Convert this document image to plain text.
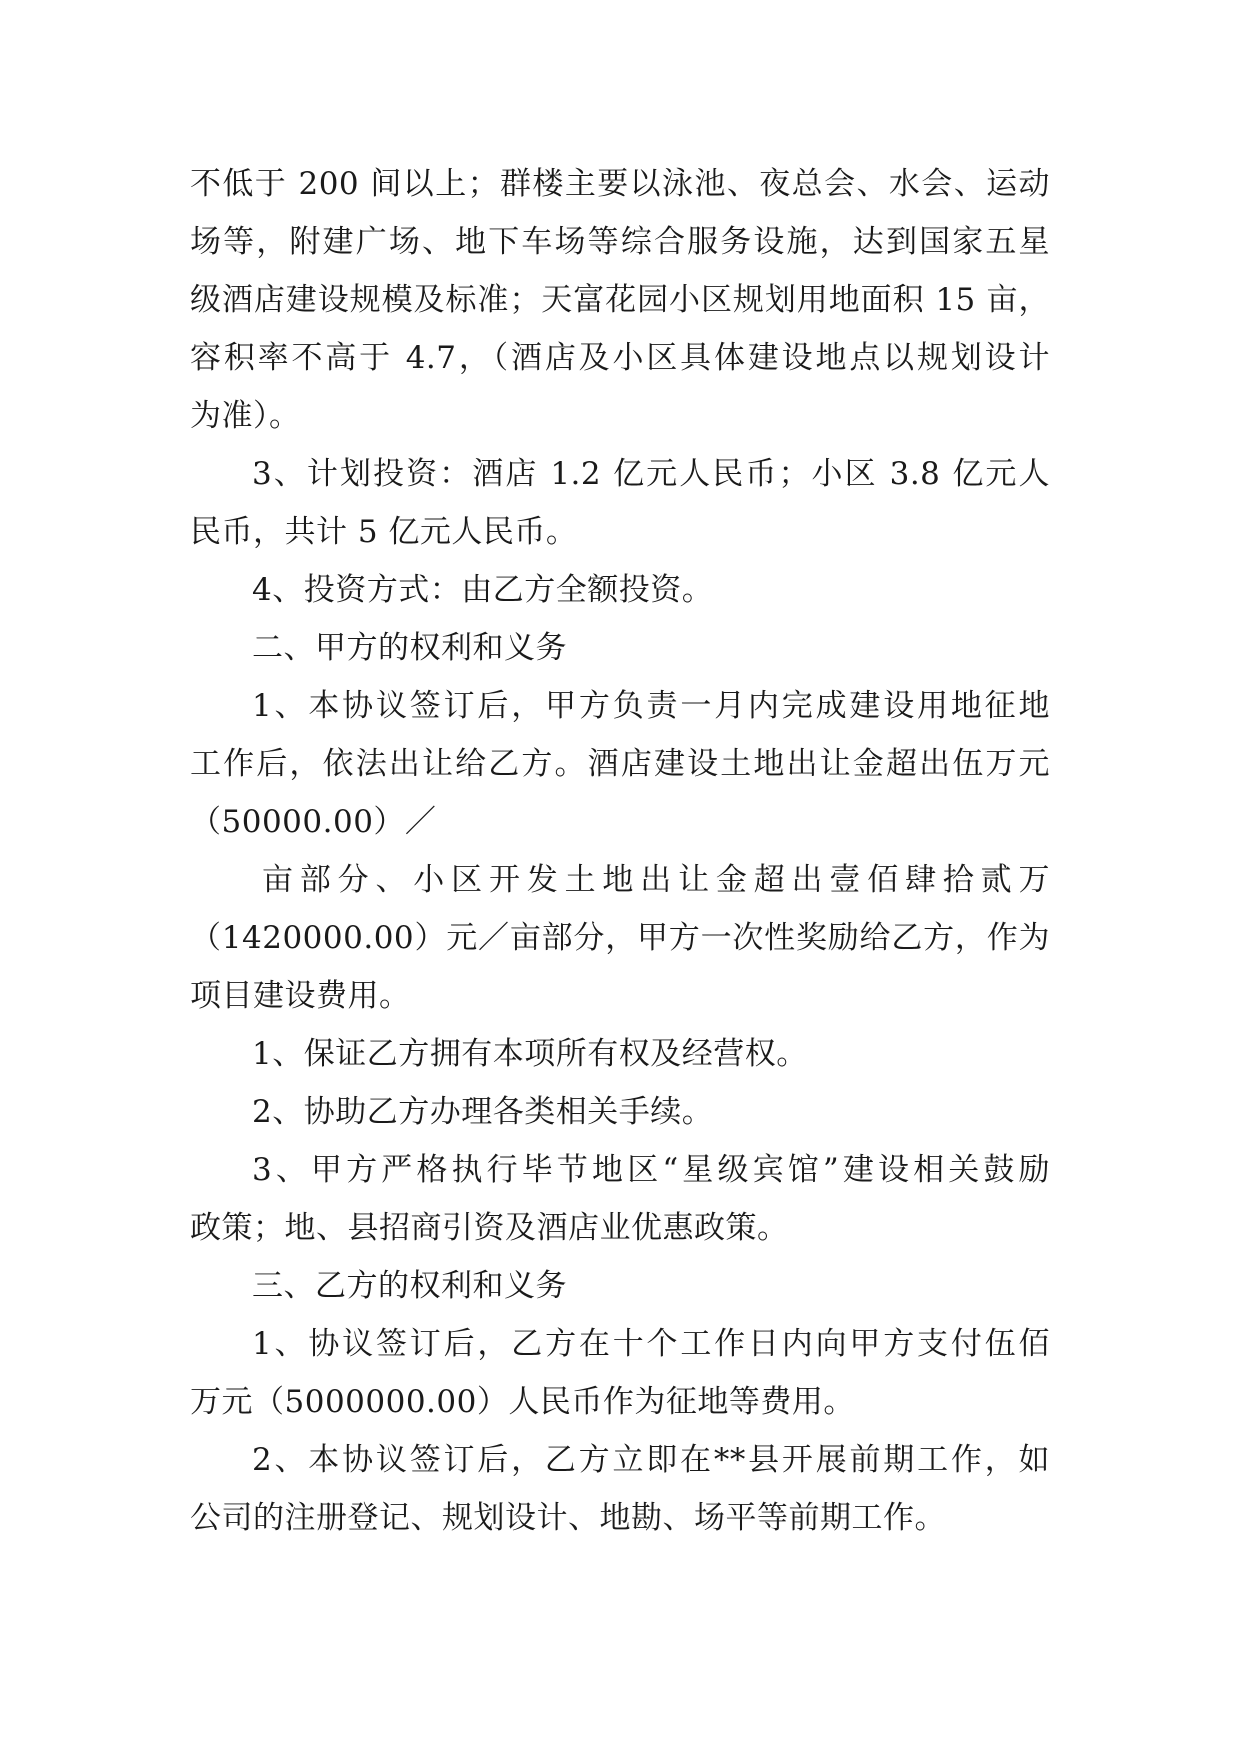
不低于 200 间以上；群楼主要以泳池、夜总会、水会、运动
场等，附建广场、地下车场等综合服务设施，达到国家五星
级酒店建设规模及标准；天富花园小区规划用地面积 15 亩，
容积率不高于 4.7，（酒店及小区具体建设地点以规划设计
为准）。
3、计划投资：酒店 1.2 亿元人民币；小区 3.8 亿元人
民币，共计 5 亿元人民币。
4、投资方式：由乙方全额投资。
二、甲方的权利和义务
1、本协议签订后，甲方负责一月内完成建设用地征地
工作后，依法出让给乙方。酒店建设土地出让金超出伍万元
（50000.00）／
亩部分、小区开发土地出让金超出壹佰肆拾贰万
（1420000.00）元／亩部分，甲方一次性奖励给乙方，作为
项目建设费用。
1、保证乙方拥有本项所有权及经营权。
2、协助乙方办理各类相关手续。
3、甲方严格执行毕节地区“星级宾馆”建设相关鼓励
政策；地、县招商引资及酒店业优惠政策。
三、乙方的权利和义务
1、协议签订后，乙方在十个工作日内向甲方支付伍佰
万元（5000000.00）人民币作为征地等费用。
2、本协议签订后，乙方立即在**县开展前期工作，如
公司的注册登记、规划设计、地勘、场平等前期工作。
